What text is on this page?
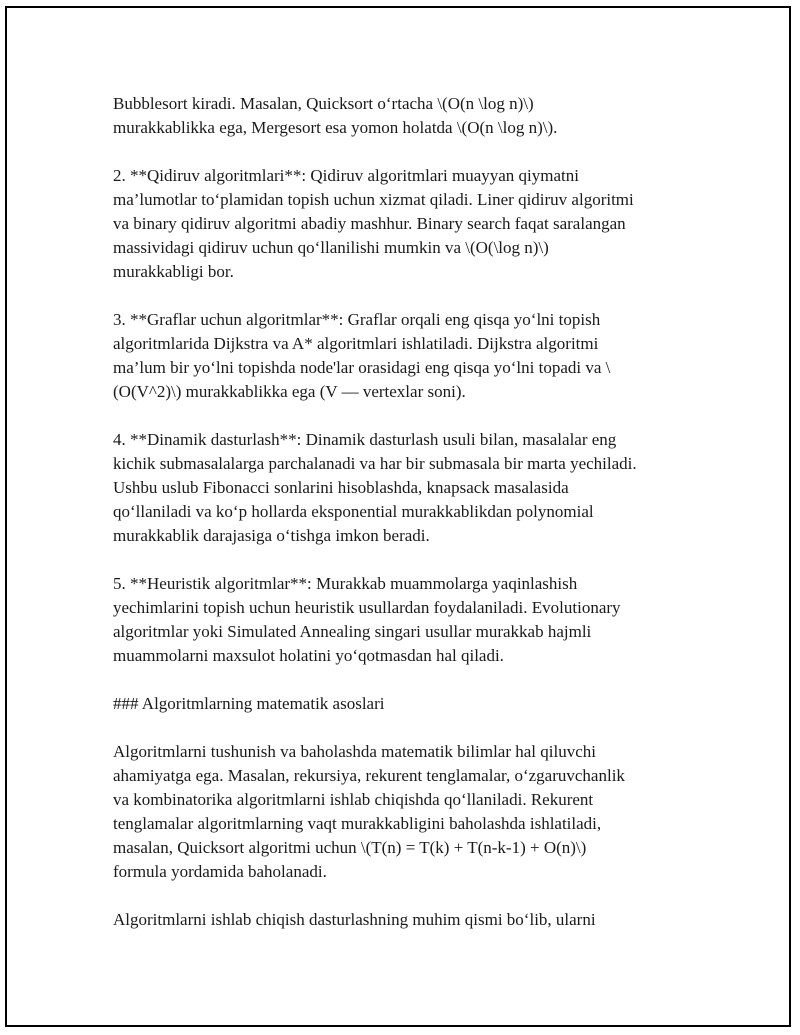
Bubblesort kiradi. Masalan, Quicksort o‘rtacha \(O(n \log n)\)
murakkablikka ega, Mergesort esa yomon holatda \(O(n \log n)\).

2. **Qidiruv algoritmlari**: Qidiruv algoritmlari muayyan qiymatni
ma’lumotlar to‘plamidan topish uchun xizmat qiladi. Liner qidiruv algoritmi
va binary qidiruv algoritmi abadiy mashhur. Binary search faqat saralangan
massividagi qidiruv uchun qo‘llanilishi mumkin va \(O(\log n)\)
murakkabligi bor.

3. **Graflar uchun algoritmlar**: Graflar orqali eng qisqa yo‘lni topish
algoritmlarida Dijkstra va A* algoritmlari ishlatiladi. Dijkstra algoritmi
ma’lum bir yo‘lni topishda node'lar orasidagi eng qisqa yo‘lni topadi va \
(O(V^2)\) murakkablikka ega (V — vertexlar soni).

4. **Dinamik dasturlash**: Dinamik dasturlash usuli bilan, masalalar eng
kichik submasalalarga parchalanadi va har bir submasala bir marta yechiladi.
Ushbu uslub Fibonacci sonlarini hisoblashda, knapsack masalasida
qo‘llaniladi va ko‘p hollarda eksponential murakkablikdan polynomial
murakkablik darajasiga o‘tishga imkon beradi.

5. **Heuristik algoritmlar**: Murakkab muammolarga yaqinlashish
yechimlarini topish uchun heuristik usullardan foydalaniladi. Evolutionary
algoritmlar yoki Simulated Annealing singari usullar murakkab hajmli
muammolarni maxsulot holatini yo‘qotmasdan hal qiladi.

### Algoritmlarning matematik asoslari

Algoritmlarni tushunish va baholashda matematik bilimlar hal qiluvchi
ahamiyatga ega. Masalan, rekursiya, rekurent tenglamalar, o‘zgaruvchanlik
va kombinatorika algoritmlarni ishlab chiqishda qo‘llaniladi. Rekurent
tenglamalar algoritmlarning vaqt murakkabligini baholashda ishlatiladi,
masalan, Quicksort algoritmi uchun \(T(n) = T(k) + T(n-k-1) + O(n)\)
formula yordamida baholanadi.

Algoritmlarni ishlab chiqish dasturlashning muhim qismi bo‘lib, ularni
